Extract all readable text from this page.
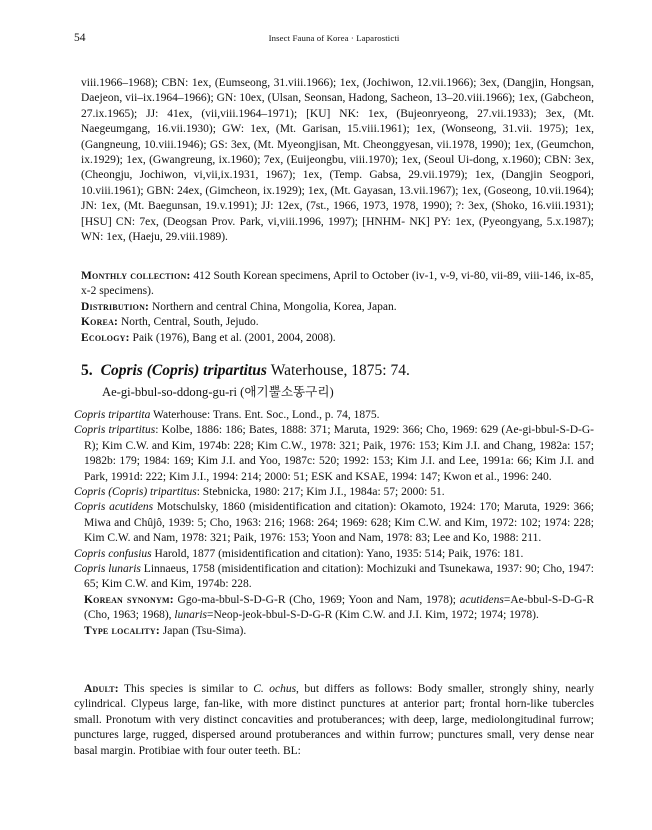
54	Insect Fauna of Korea · Laparosticti

viii.1966–1968); CBN: 1ex, (Eumseong, 31.viii.1966); 1ex, (Jochiwon, 12.vii.1966); 3ex, (Dangjin, Hongsan, Daejeon, vii–ix.1964–1966); GN: 10ex, (Ulsan, Seonsan, Hadong, Sacheon, 13–20.viii.1966); 1ex, (Gabcheon, 27.ix.1965); JJ: 41ex, (vii,viii.1964–1971); [KU] NK: 1ex, (Bujeonryeong, 27.vii.1933); 3ex, (Mt. Naegeumgang, 16.vii.1930); GW: 1ex, (Mt. Garisan, 15.viii.1961); 1ex, (Wonseong, 31.vii. 1975); 1ex, (Gangneung, 10.viii.1946); GS: 3ex, (Mt. Myeongjisan, Mt. Cheonggyesan, vii.1978, 1990); 1ex, (Geumchon, ix.1929); 1ex, (Gwangreung, ix.1960); 7ex, (Euijeongbu, viii.1970); 1ex, (Seoul Ui-dong, x.1960); CBN: 3ex, (Cheongju, Jochiwon, vi,vii,ix.1931, 1967); 1ex, (Temp. Gabsa, 29.vii.1979); 1ex, (Dangjin Seogpori, 10.viii.1961); GBN: 24ex, (Gimcheon, ix.1929); 1ex, (Mt. Gayasan, 13.vii.1967); 1ex, (Goseong, 10.vii.1964); JN: 1ex, (Mt. Baegunsan, 19.v.1991); JJ: 12ex, (7st., 1966, 1973, 1978, 1990); ?: 3ex, (Shoko, 16.viii.1931); [HSU] CN: 7ex, (Deogsan Prov. Park, vi,viii.1996, 1997); [HNHM- NK] PY: 1ex, (Pyeongyang, 5.x.1987); WN: 1ex, (Haeju, 29.viii.1989).

Monthly collection: 412 South Korean specimens, April to October (iv-1, v-9, vi-80, vii-89, viii-146, ix-85, x-2 specimens).
Distribution: Northern and central China, Mongolia, Korea, Japan.
Korea: North, Central, South, Jejudo.
Ecology: Paik (1976), Bang et al. (2001, 2004, 2008).
5. Copris (Copris) tripartitus Waterhouse, 1875: 74.
Ae-gi-bbul-so-ddong-gu-ri (애기뿔소똥구리)
Copris tripartita Waterhouse: Trans. Ent. Soc., Lond., p. 74, 1875.
Copris tripartitus: Kolbe, 1886: 186; Bates, 1888: 371; Maruta, 1929: 366; Cho, 1969: 629 (Ae-gi-bbul-S-D-G-R); Kim C.W. and Kim, 1974b: 228; Kim C.W., 1978: 321; Paik, 1976: 153; Kim J.I. and Chang, 1982a: 157; 1982b: 179; 1984: 169; Kim J.I. and Yoo, 1987c: 520; 1992: 153; Kim J.I. and Lee, 1991a: 66; Kim J.I. and Park, 1991d: 222; Kim J.I., 1994: 214; 2000: 51; ESK and KSAE, 1994: 147; Kwon et al., 1996: 240.
Copris (Copris) tripartitus: Stebnicka, 1980: 217; Kim J.I., 1984a: 57; 2000: 51.
Copris acutidens Motschulsky, 1860 (misidentification and citation): Okamoto, 1924: 170; Maruta, 1929: 366; Miwa and Chûjô, 1939: 5; Cho, 1963: 216; 1968: 264; 1969: 628; Kim C.W. and Kim, 1972: 102; 1974: 228; Kim C.W. and Nam, 1978: 321; Paik, 1976: 153; Yoon and Nam, 1978: 83; Lee and Ko, 1988: 211.
Copris confusius Harold, 1877 (misidentification and citation): Yano, 1935: 514; Paik, 1976: 181.
Copris lunaris Linnaeus, 1758 (misidentification and citation): Mochizuki and Tsunekawa, 1937: 90; Cho, 1947: 65; Kim C.W. and Kim, 1974b: 228.
Korean synonym: Ggo-ma-bbul-S-D-G-R (Cho, 1969; Yoon and Nam, 1978); acutidens=Ae-bbul-S-D-G-R (Cho, 1963; 1968), lunaris=Neop-jeok-bbul-S-D-G-R (Kim C.W. and J.I. Kim, 1972; 1974; 1978).
Type locality: Japan (Tsu-Sima).

Adult: This species is similar to C. ochus, but differs as follows: Body smaller, strongly shiny, nearly cylindrical. Clypeus large, fan-like, with more distinct punctures at anterior part; frontal horn-like tubercles small. Pronotum with very distinct concavities and protuberances; with deep, large, mediolongitudinal furrow; punctures large, rugged, dispersed around protuberances and within furrow; punctures small, very dense near basal margin. Protibiae with four outer teeth. BL:
